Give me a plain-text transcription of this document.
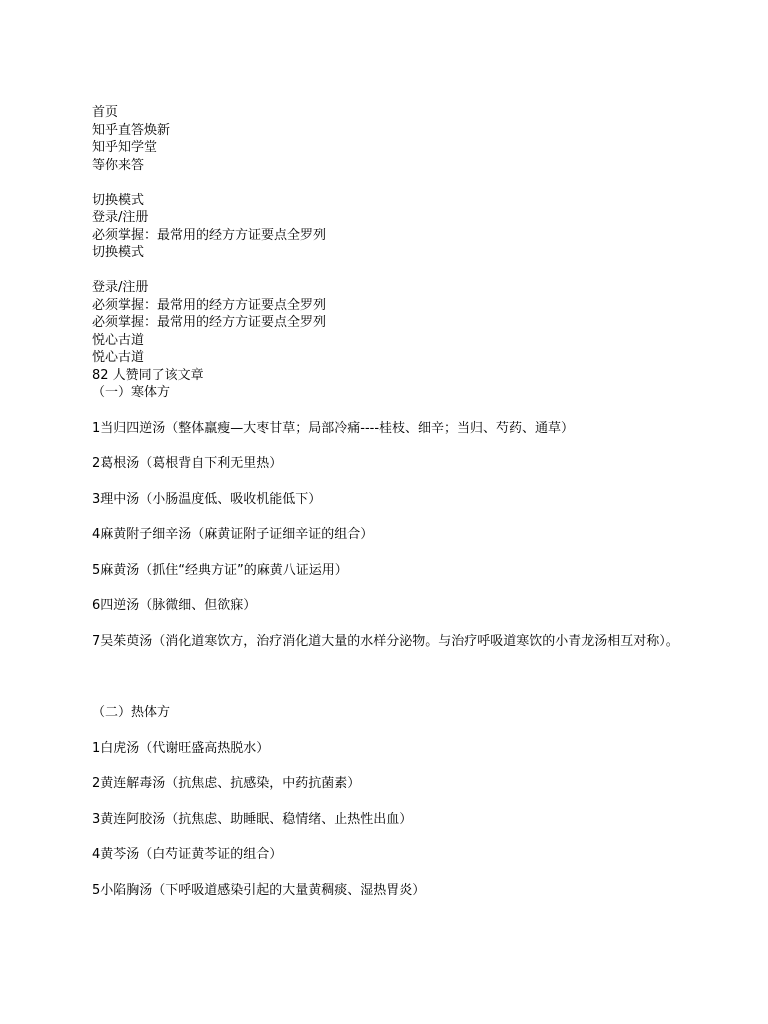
首页
知乎直答焕新
知乎知学堂
等你来答
切换模式
登录/注册
必须掌握：最常用的经方方证要点全罗列
切换模式
登录/注册
必须掌握：最常用的经方方证要点全罗列
必须掌握：最常用的经方方证要点全罗列
悦心古道
悦心古道
82 人赞同了该文章
（一）寒体方

1当归四逆汤（整体羸瘦—大枣甘草；局部冷痛----桂枝、细辛；当归、芍药、通草）

2葛根汤（葛根背自下利无里热）

3理中汤（小肠温度低、吸收机能低下）

4麻黄附子细辛汤（麻黄证附子证细辛证的组合）

5麻黄汤（抓住“经典方证”的麻黄八证运用）

6四逆汤（脉微细、但欲寐）

7吴茱萸汤（消化道寒饮方，治疗消化道大量的水样分泌物。与治疗呼吸道寒饮的小青龙汤相互对称）。

（二）热体方

1白虎汤（代谢旺盛高热脱水）

2黄连解毒汤（抗焦虑、抗感染，中药抗菌素）

3黄连阿胶汤（抗焦虑、助睡眠、稳情绪、止热性出血）

4黄芩汤（白芍证黄芩证的组合）

5小陷胸汤（下呼吸道感染引起的大量黄稠痰、湿热胃炎）
